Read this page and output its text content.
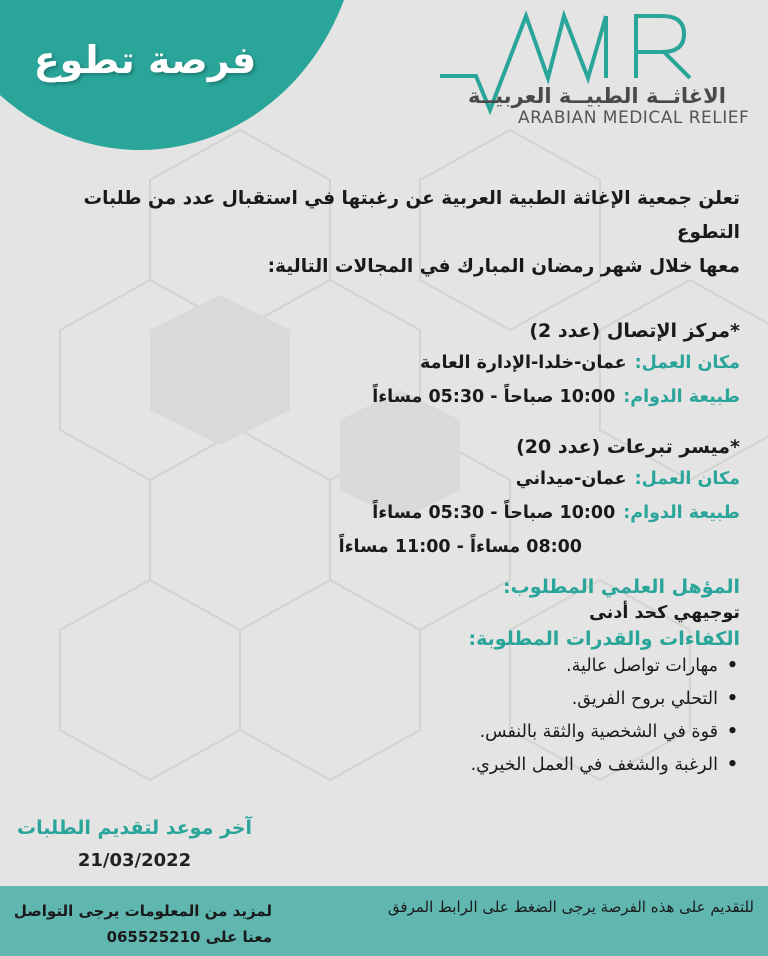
فرصة تطوع
الاغاثــة الطبيــة العربيــة
ARABIAN MEDICAL RELIEF

تعلن جمعية الإغاثة الطبية العربية عن رغبتها في استقبال عدد من طلبات التطوع

معها خلال شهر رمضان المبارك في المجالات التالية:

*مركز الإتصال (عدد 2)
مكان العمل:عمان-خلدا-الإدارة العامة
طبيعة الدوام:10:00 صباحاً - 05:30 مساءاً
*ميسر تبرعات (عدد 20)
مكان العمل:عمان-ميداني
طبيعة الدوام:10:00 صباحاً - 05:30 مساءاً
08:00 مساءاً - 11:00 مساءاً
المؤهل العلمي المطلوب:
توجيهي كحد أدنى
الكفاءات والقدرات المطلوبة:
• مهارات تواصل عالية.
• التحلي بروح الفريق.
• قوة في الشخصية والثقة بالنفس.
• الرغبة والشغف في العمل الخيري.
آخر موعد لتقديم الطلبات
21/03/2022
للتقديم على هذه الفرصة يرجى الضغط على الرابط المرفق
لمزيد من المعلومات يرجى التواصل
معنا على 065525210
